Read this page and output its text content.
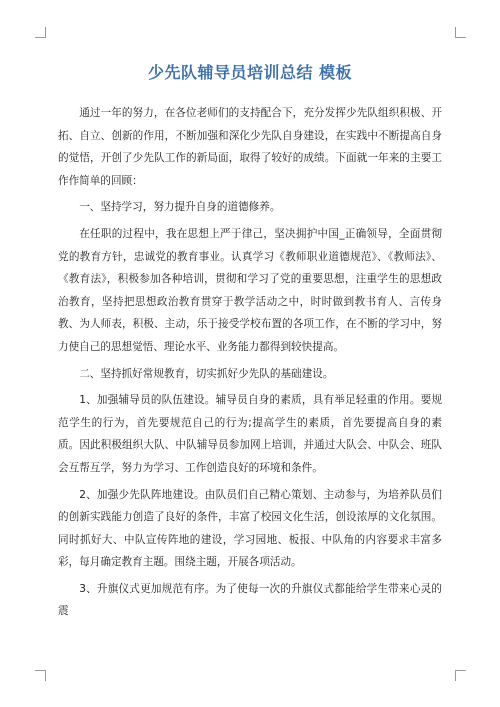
少先队辅导员培训总结 模板

通过一年的努力，在各位老师们的支持配合下，充分发挥少先队组织积极、开拓、自立、创新的作用，不断加强和深化少先队自身建设，在实践中不断提高自身的觉悟，开创了少先队工作的新局面，取得了较好的成绩。下面就一年来的主要工作作简单的回顾：

一、坚持学习，努力提升自身的道德修养。

在任职的过程中，我在思想上严于律己，坚决拥护中国_正确领导，全面贯彻党的教育方针，忠诚党的教育事业。认真学习《教师职业道德规范》、《教师法》、《教育法》，积极参加各种培训，贯彻和学习了党的重要思想，注重学生的思想政治教育，坚持把思想政治教育贯穿于教学活动之中，时时做到教书育人、言传身教、为人师表，积极、主动，乐于接受学校布置的各项工作，在不断的学习中，努力使自己的思想觉悟、理论水平、业务能力都得到较快提高。

二、坚持抓好常规教育，切实抓好少先队的基础建设。

1、加强辅导员的队伍建设。辅导员自身的素质，具有举足轻重的作用。要规范学生的行为，首先要规范自己的行为;提高学生的素质，首先要提高自身的素质。因此积极组织大队、中队辅导员参加网上培训，并通过大队会、中队会、班队会互帮互学，努力为学习、工作创造良好的环境和条件。

2、加强少先队阵地建设。由队员们自己精心策划、主动参与，为培养队员们的创新实践能力创造了良好的条件，丰富了校园文化生活，创设浓厚的文化氛围。同时抓好大、中队宣传阵地的建设，学习园地、板报、中队角的内容要求丰富多彩，每月确定教育主题。围绕主题，开展各项活动。

3、升旗仪式更加规范有序。为了使每一次的升旗仪式都能给学生带来心灵的震
